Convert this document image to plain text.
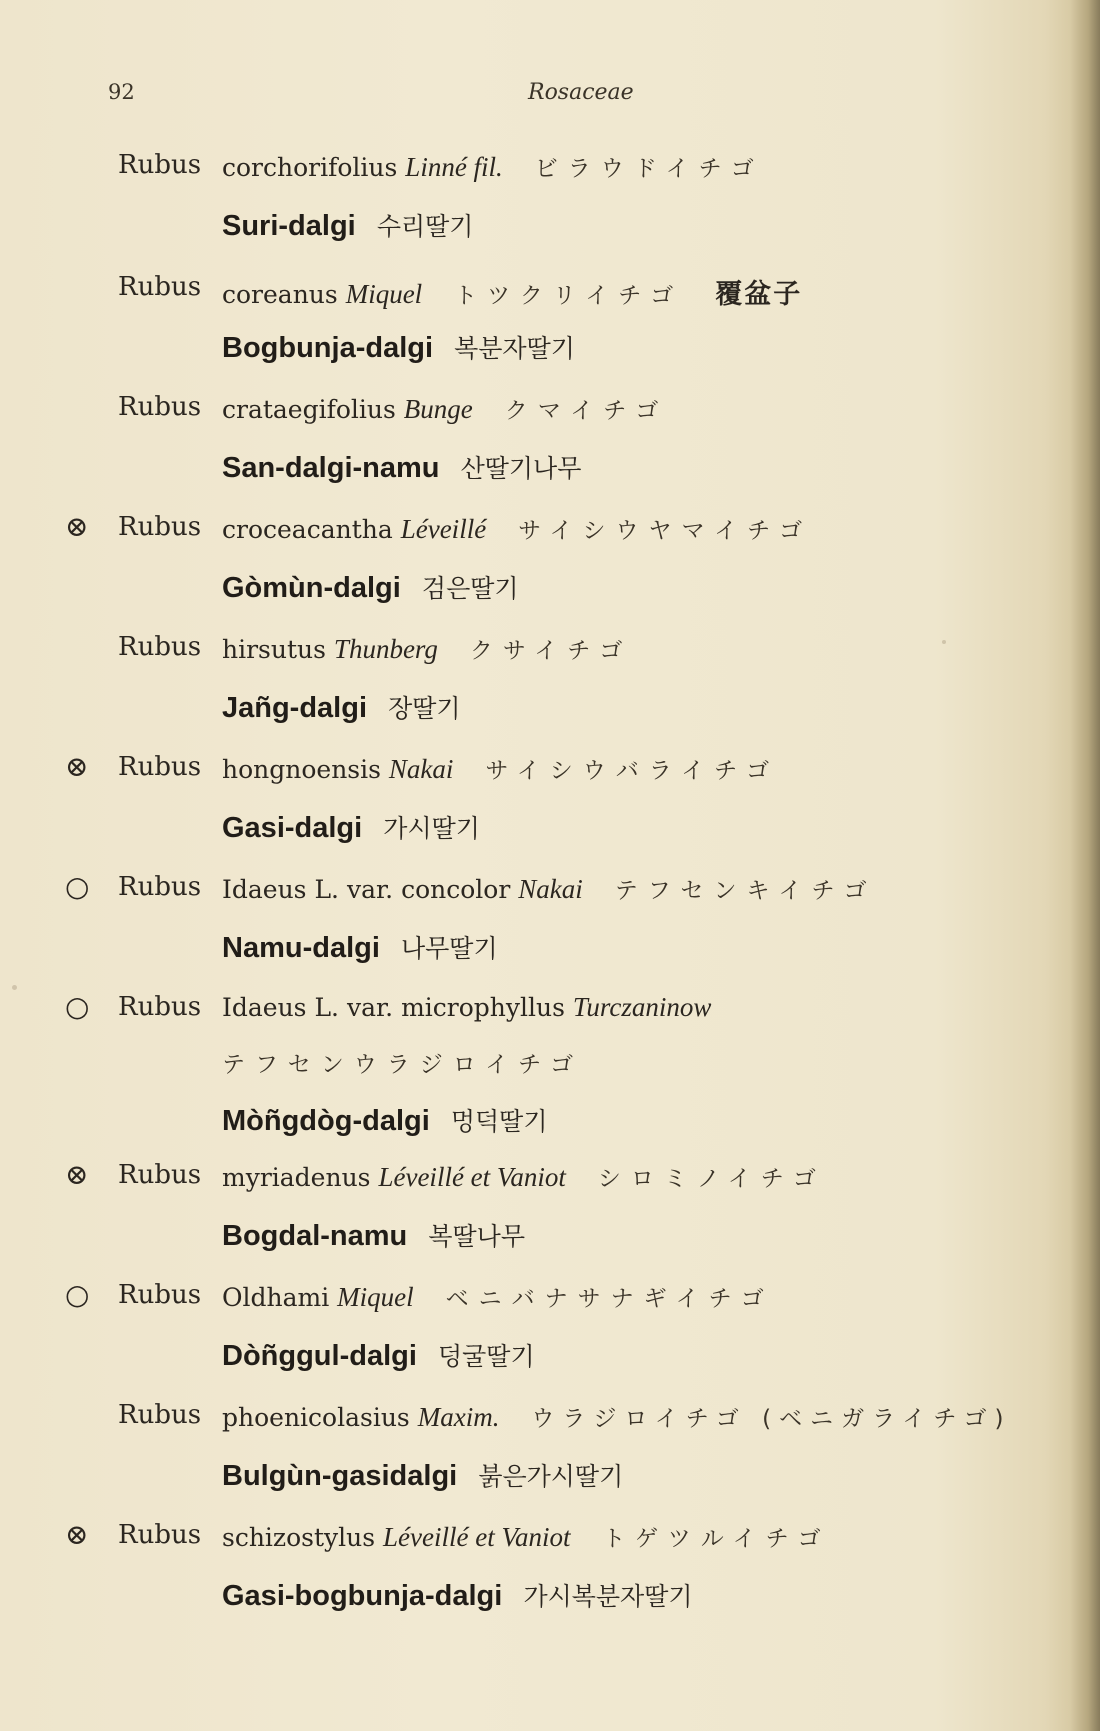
92	Rosaceae
Rubus corchorifolius Linné fil. ビラウドイチゴ
Suri-dalgi 수리딸기
Rubus coreanus Miquel トツクリイチゴ 覆盆子
Bogbunja-dalgi 복분자딸기
Rubus crataegifolius Bunge クマイチゴ
San-dalgi-namu 산딸기나무
⊗ Rubus croceacantha Léveillé サイシウヤマイチゴ
Gòmùn-dalgi 검은딸기
Rubus hirsutus Thunberg クサイチゴ
Jañg-dalgi 장딸기
⊗ Rubus hongnoensis Nakai サイシウバライチゴ
Gasi-dalgi 가시딸기
○ Rubus Idaeus L. var. concolor Nakai テフセンキイチゴ
Namu-dalgi 나무딸기
○ Rubus Idaeus L. var. microphyllus Turczaninow
テフセンウラジロイチゴ
Mòñgdòg-dalgi 멍덕딸기
⊗ Rubus myriadenus Léveillé et Vaniot シロミノイチゴ
Bogdal-namu 복딸나무
○ Rubus Oldhami Miquel ベニバナサナギイチゴ
Dòñggul-dalgi 덩굴딸기
Rubus phoenicolasius Maxim. ウラジロイチゴ (ベニガライチゴ)
Bulgùn-gasidalgi 붉은가시딸기
⊗ Rubus schizostylus Léveillé et Vaniot トゲツルイチゴ
Gasi-bogbunja-dalgi 가시복분자딸기
